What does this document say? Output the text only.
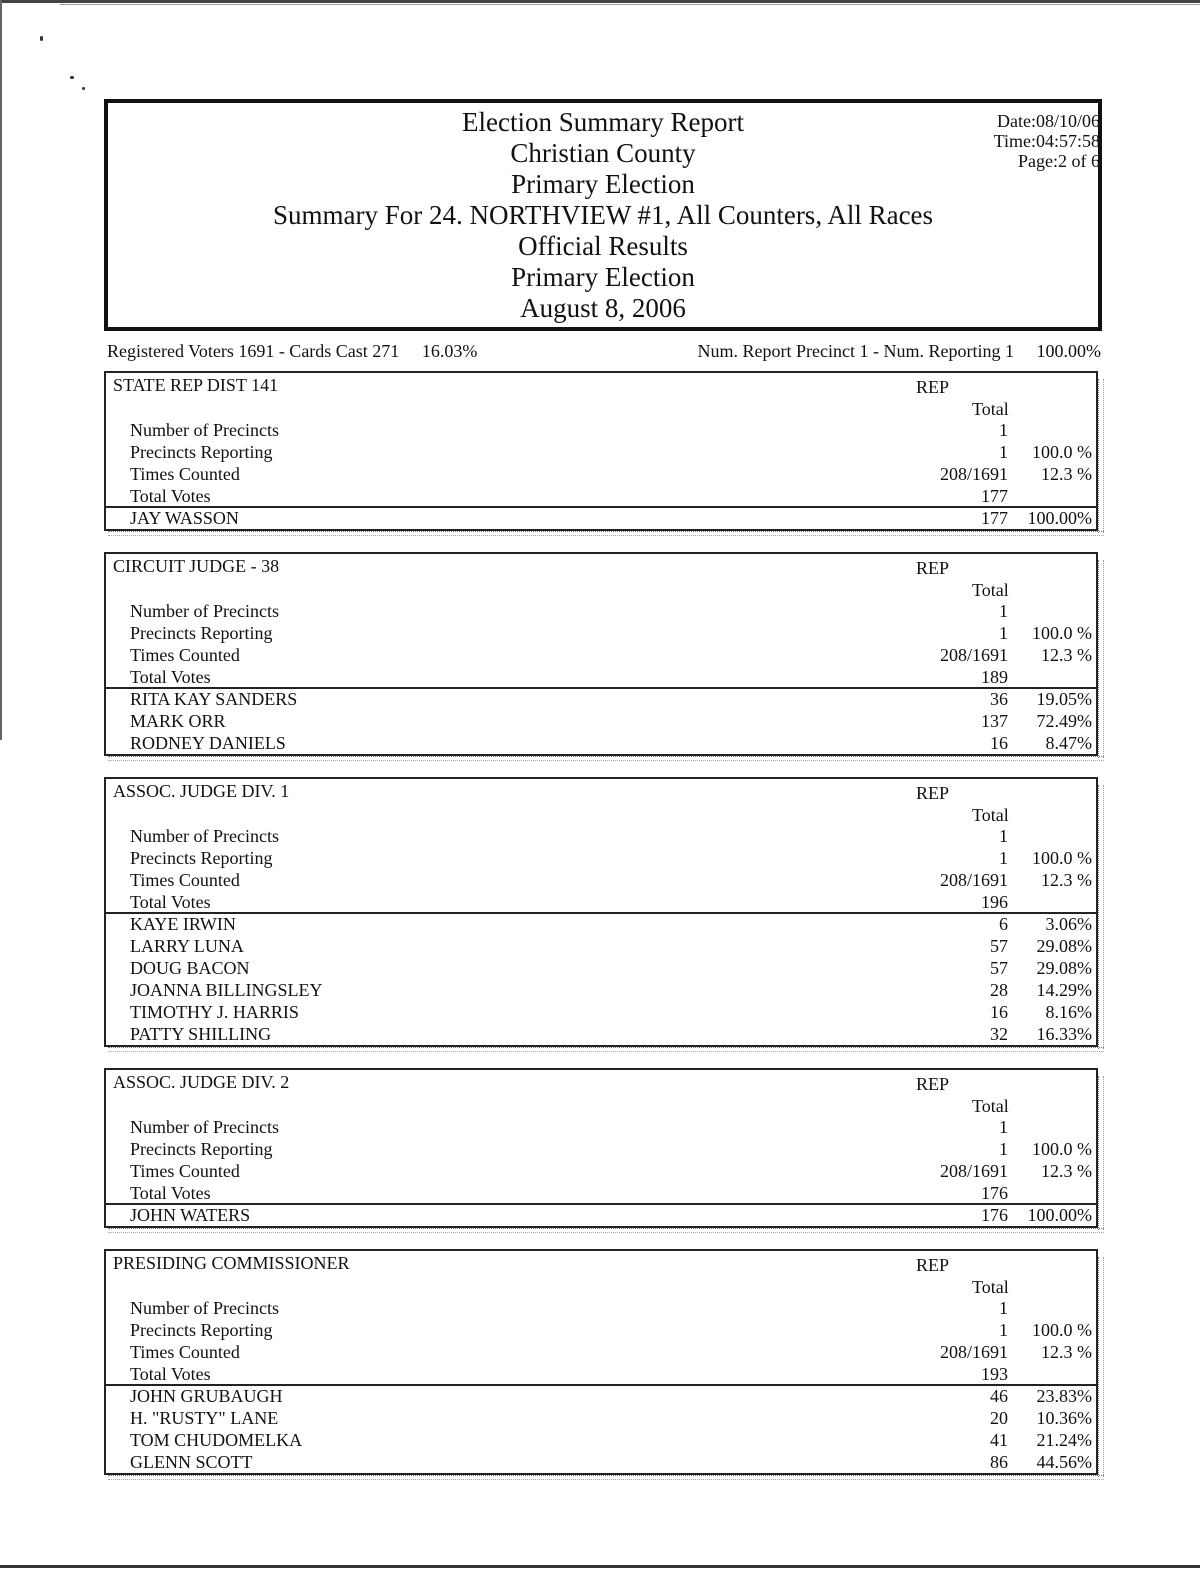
Election Summary Report
Christian County
Primary Election
Summary For 24. NORTHVIEW #1, All Counters, All Races
Official Results
Primary Election
August 8, 2006
Date:08/10/06
Time:04:57:58
Page:2 of 6
Registered Voters 1691 - Cards Cast 271 16.03%	Num. Report Precinct 1 - Num. Reporting 1 100.00%
STATE REP DIST 141	REP
Total
Number of Precincts	1
Precincts Reporting	1 100.0 %
Times Counted	208/1691 12.3 %
Total Votes	177
JAY WASSON	177 100.00%
CIRCUIT JUDGE - 38	REP
Total
Number of Precincts	1
Precincts Reporting	1 100.0 %
Times Counted	208/1691 12.3 %
Total Votes	189
RITA KAY SANDERS	36 19.05%
MARK ORR	137 72.49%
RODNEY DANIELS	16 8.47%
ASSOC. JUDGE DIV. 1	REP
Total
Number of Precincts	1
Precincts Reporting	1 100.0 %
Times Counted	208/1691 12.3 %
Total Votes	196
KAYE IRWIN	6 3.06%
LARRY LUNA	57 29.08%
DOUG BACON	57 29.08%
JOANNA BILLINGSLEY	28 14.29%
TIMOTHY J. HARRIS	16 8.16%
PATTY SHILLING	32 16.33%
ASSOC. JUDGE DIV. 2	REP
Total
Number of Precincts	1
Precincts Reporting	1 100.0 %
Times Counted	208/1691 12.3 %
Total Votes	176
JOHN WATERS	176 100.00%
PRESIDING COMMISSIONER	REP
Total
Number of Precincts	1
Precincts Reporting	1 100.0 %
Times Counted	208/1691 12.3 %
Total Votes	193
JOHN GRUBAUGH	46 23.83%
H. "RUSTY" LANE	20 10.36%
TOM CHUDOMELKA	41 21.24%
GLENN SCOTT	86 44.56%
